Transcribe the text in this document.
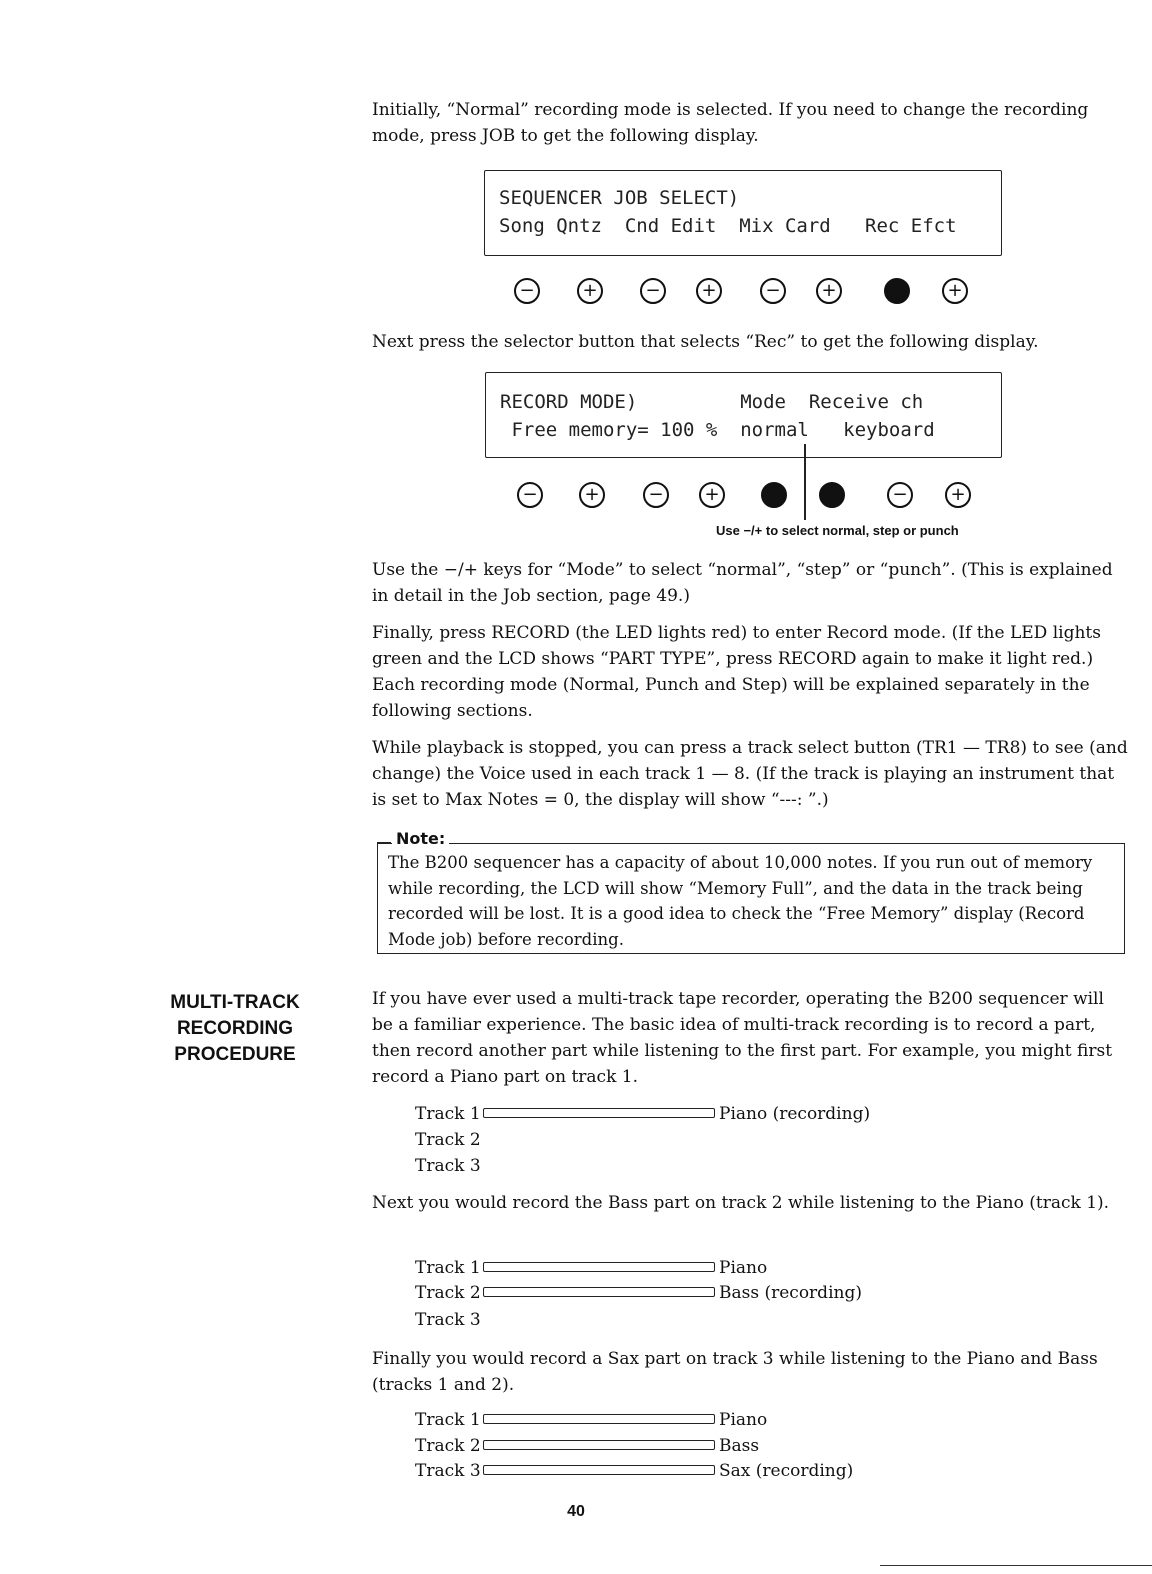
Initially, “Normal” recording mode is selected. If you need to change the recording mode, press JOB to get the following display.

SEQUENCER JOB SELECT)
Song Qntz  Cnd Edit  Mix Card   Rec Efct
−	+	−	+	−	+	+

Next press the selector button that selects “Rec” to get the following display.

RECORD MODE)         Mode  Receive ch
Free memory= 100 %  normal   keyboard
−	+	−	+	−	+
Use −/+ to select normal, step or punch

Use the −/+ keys for “Mode” to select “normal”, “step” or “punch”. (This is explained in detail in the Job section, page 49.)

Finally, press RECORD (the LED lights red) to enter Record mode. (If the LED lights green and the LCD shows “PART TYPE”, press RECORD again to make it light red.) Each recording mode (Normal, Punch and Step) will be explained separately in the following sections.

While playback is stopped, you can press a track select button (TR1 — TR8) to see (and change) the Voice used in each track 1 — 8. (If the track is playing an instrument that is set to Max Notes = 0, the display will show “---: ”.)

Note:
The B200 sequencer has a capacity of about 10,000 notes. If you run out of memory while recording, the LCD will show “Memory Full”, and the data in the track being recorded will be lost. It is a good idea to check the “Free Memory” display (Record Mode job) before recording.
MULTI-TRACK
RECORDING
PROCEDURE

If you have ever used a multi-track tape recorder, operating the B200 sequencer will be a familiar experience. The basic idea of multi-track recording is to record a part, then record another part while listening to the first part. For example, you might first record a Piano part on track 1.

Track 1	Piano (recording)
Track 2
Track 3

Next you would record the Bass part on track 2 while listening to the Piano (track 1).

Track 1	Piano
Track 2	Bass (recording)
Track 3

Finally you would record a Sax part on track 3 while listening to the Piano and Bass (tracks 1 and 2).

Track 1	Piano
Track 2	Bass
Track 3	Sax (recording)
40
